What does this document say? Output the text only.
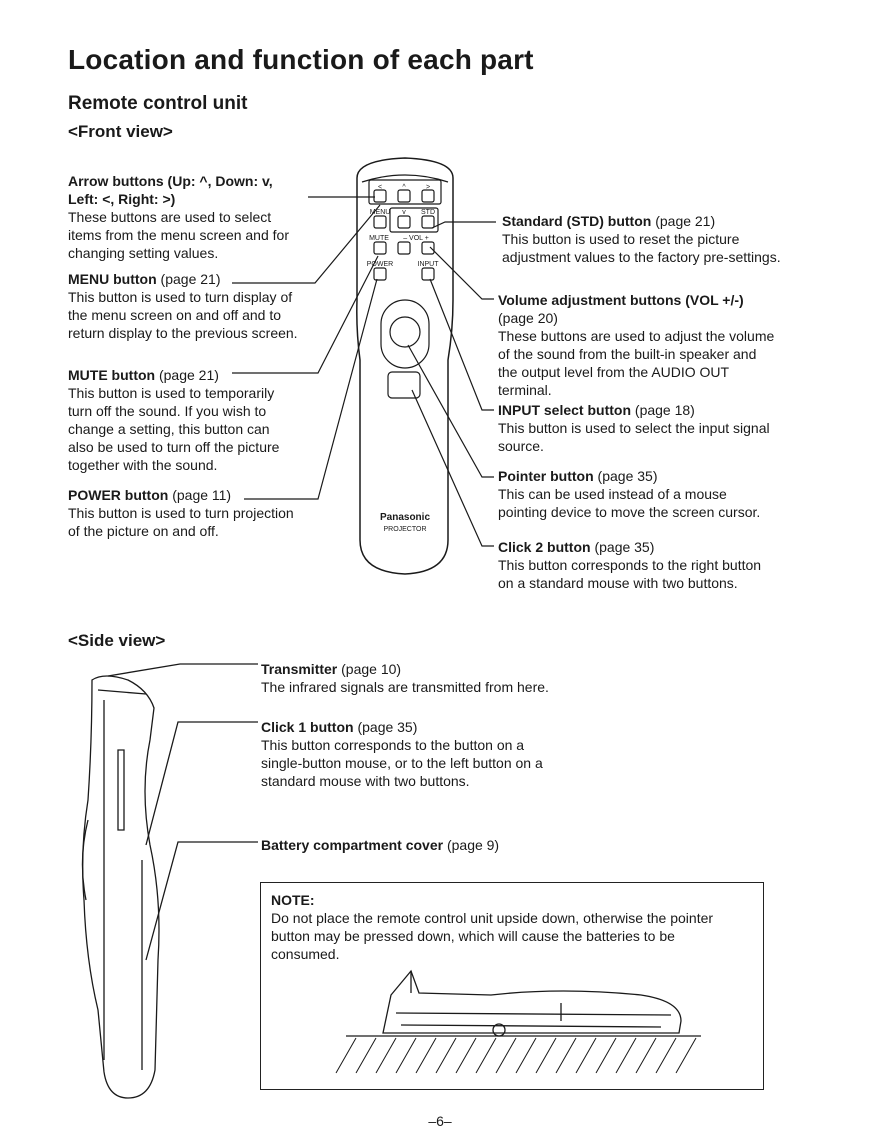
Location and function of each part
Remote control unit
<Front view>
<Side view>
Arrow buttons (Up: ^, Down: v,
Left: <, Right: >)
These buttons are used to select
items from the menu screen and for
changing setting values.
MENU button (page 21)
This button is used to turn display of
the menu screen on and off and to
return display to the previous screen.
MUTE button (page 21)
This button is used to temporarily
turn off the sound. If you wish to
change a setting, this button can
also be used to turn off the picture
together with the sound.
POWER button (page 11)
This button is used to turn projection
of the picture on and off.
Standard (STD) button (page 21)
This button is used to reset the picture
adjustment values to the factory pre-settings.
Volume adjustment buttons (VOL +/-)
(page 20)
These buttons are used to adjust the volume
of the sound from the built-in speaker and
the output level from the AUDIO OUT
terminal.
INPUT select button (page 18)
This button is used to select the input signal
source.
Pointer button (page 35)
This can be used instead of a mouse
pointing device to move the screen cursor.
Click 2 button (page 35)
This button corresponds to the right button
on a standard mouse with two buttons.
<	^	>
MENU v STD
MUTE – VOL +
POWER	INPUT
Panasonic
PROJECTOR
Transmitter (page 10)
The infrared signals are transmitted from here.
Click 1 button (page 35)
This button corresponds to the button on a
single-button mouse, or to the left button on a
standard mouse with two buttons.
Battery compartment cover (page 9)
NOTE:
Do not place the remote control unit upside down, otherwise the pointer
button may be pressed down, which will cause the batteries to be
consumed.
–6–
